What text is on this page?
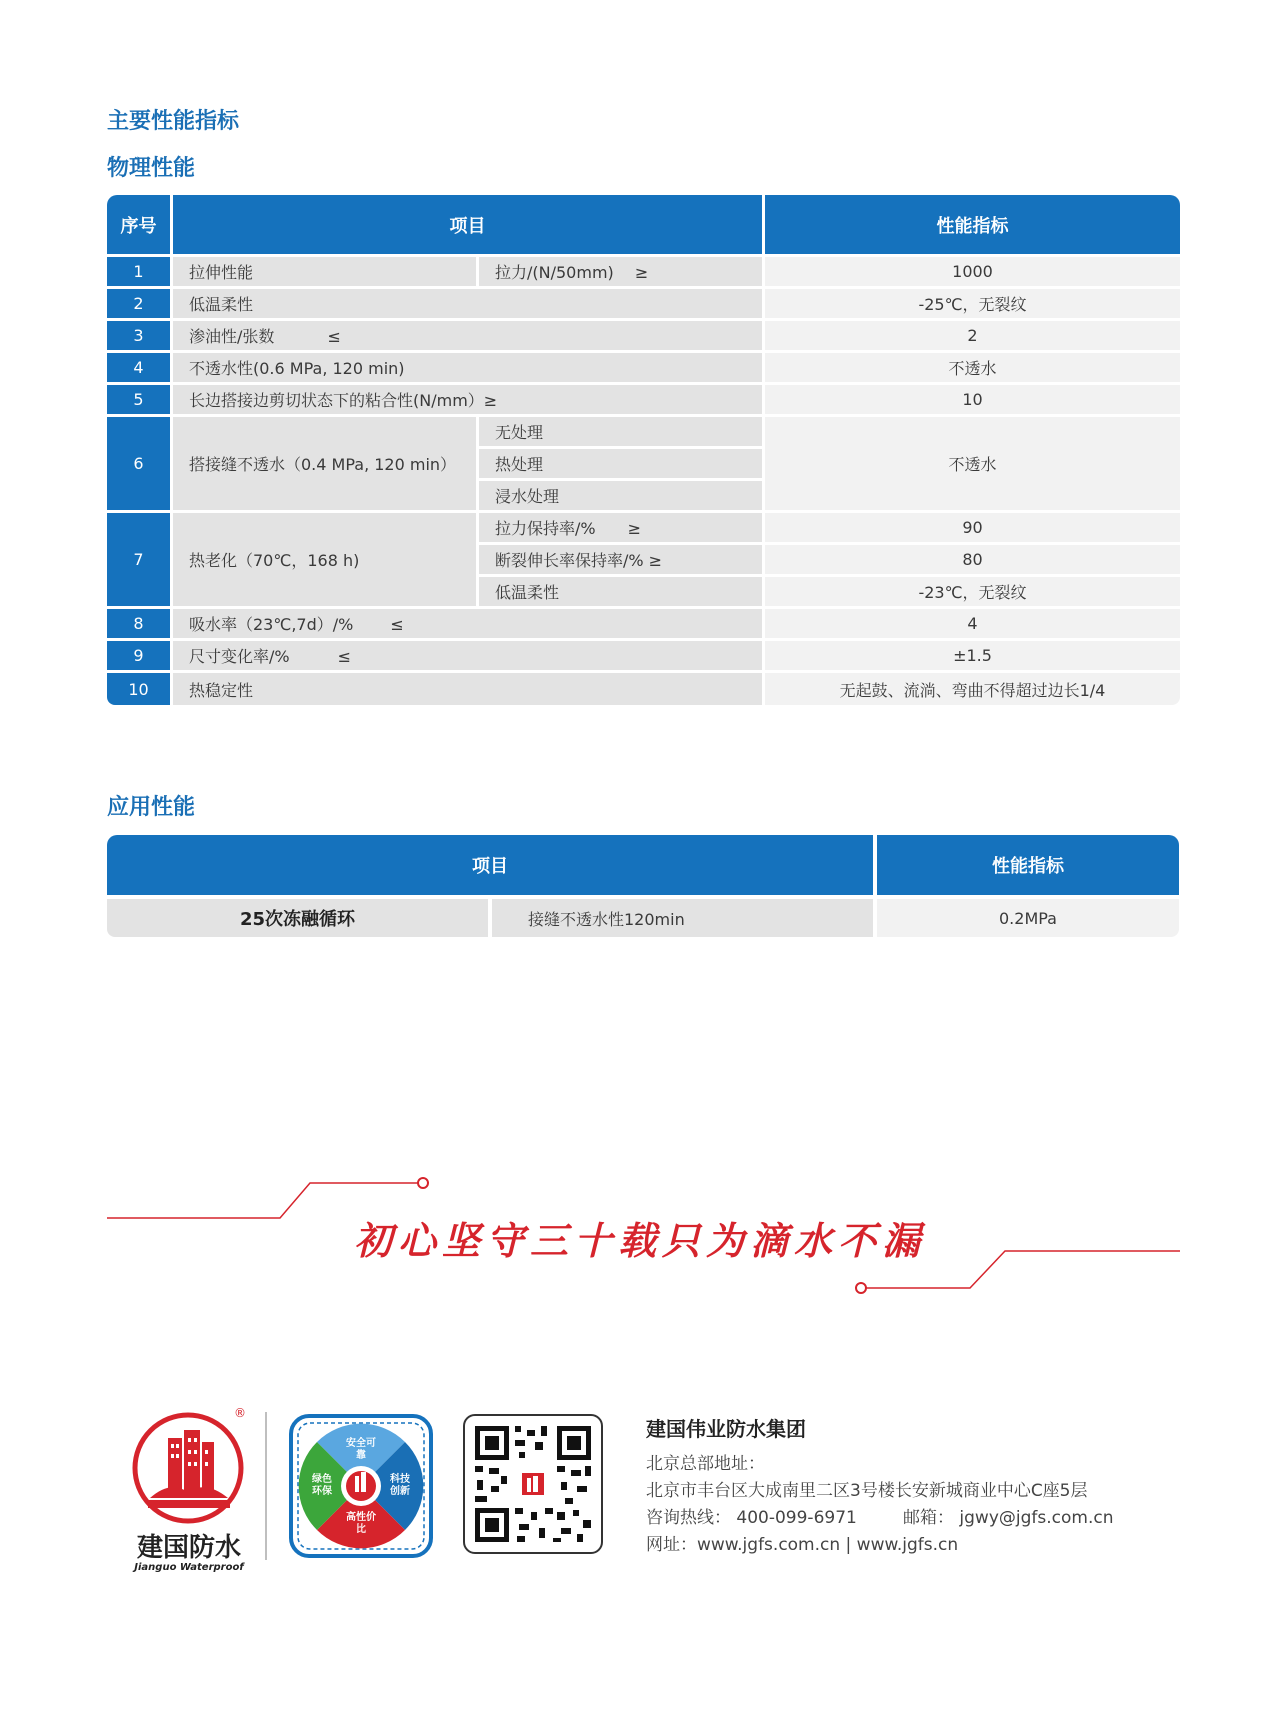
主要性能指标

物理性能

序号	项目		性能指标
1	拉伸性能	拉力/(N/50mm)　 ≥	1000
2	低温柔性		-25℃，无裂纹
3	渗油性/张数　　　 ≤		2
4	不透水性(0.6 MPa, 120 min)		不透水
5	长边搭接边剪切状态下的粘合性(N/mm）≥		10
6	搭接缝不透水（0.4 MPa, 120 min）	无处理	不透水
		热处理	
		浸水处理	
7	热老化（70℃，168 h)	拉力保持率/%　　≥	90
		断裂伸长率保持率/% ≥	80
		低温柔性	-23℃，无裂纹
8	吸水率（23℃,7d）/%　　 ≤		4
9	尺寸变化率/%　　　≤		±1.5
10	热稳定性		无起鼓、流淌、弯曲不得超过边长1/4

应用性能

项目		性能指标
25次冻融循环	接缝不透水性120min	0.2MPa

初心坚守三十载只为滴水不漏

®
建国防水
Jianguo Waterproof
安全可靠
科技创新
高性价比
绿色环保

建国伟业防水集团

北京总部地址：

北京市丰台区大成南里二区3号楼长安新城商业中心C座5层

咨询热线： 400-099-6971	邮箱： jgwy@jgfs.com.cn

网址：www.jgfs.com.cn | www.jgfs.cn
